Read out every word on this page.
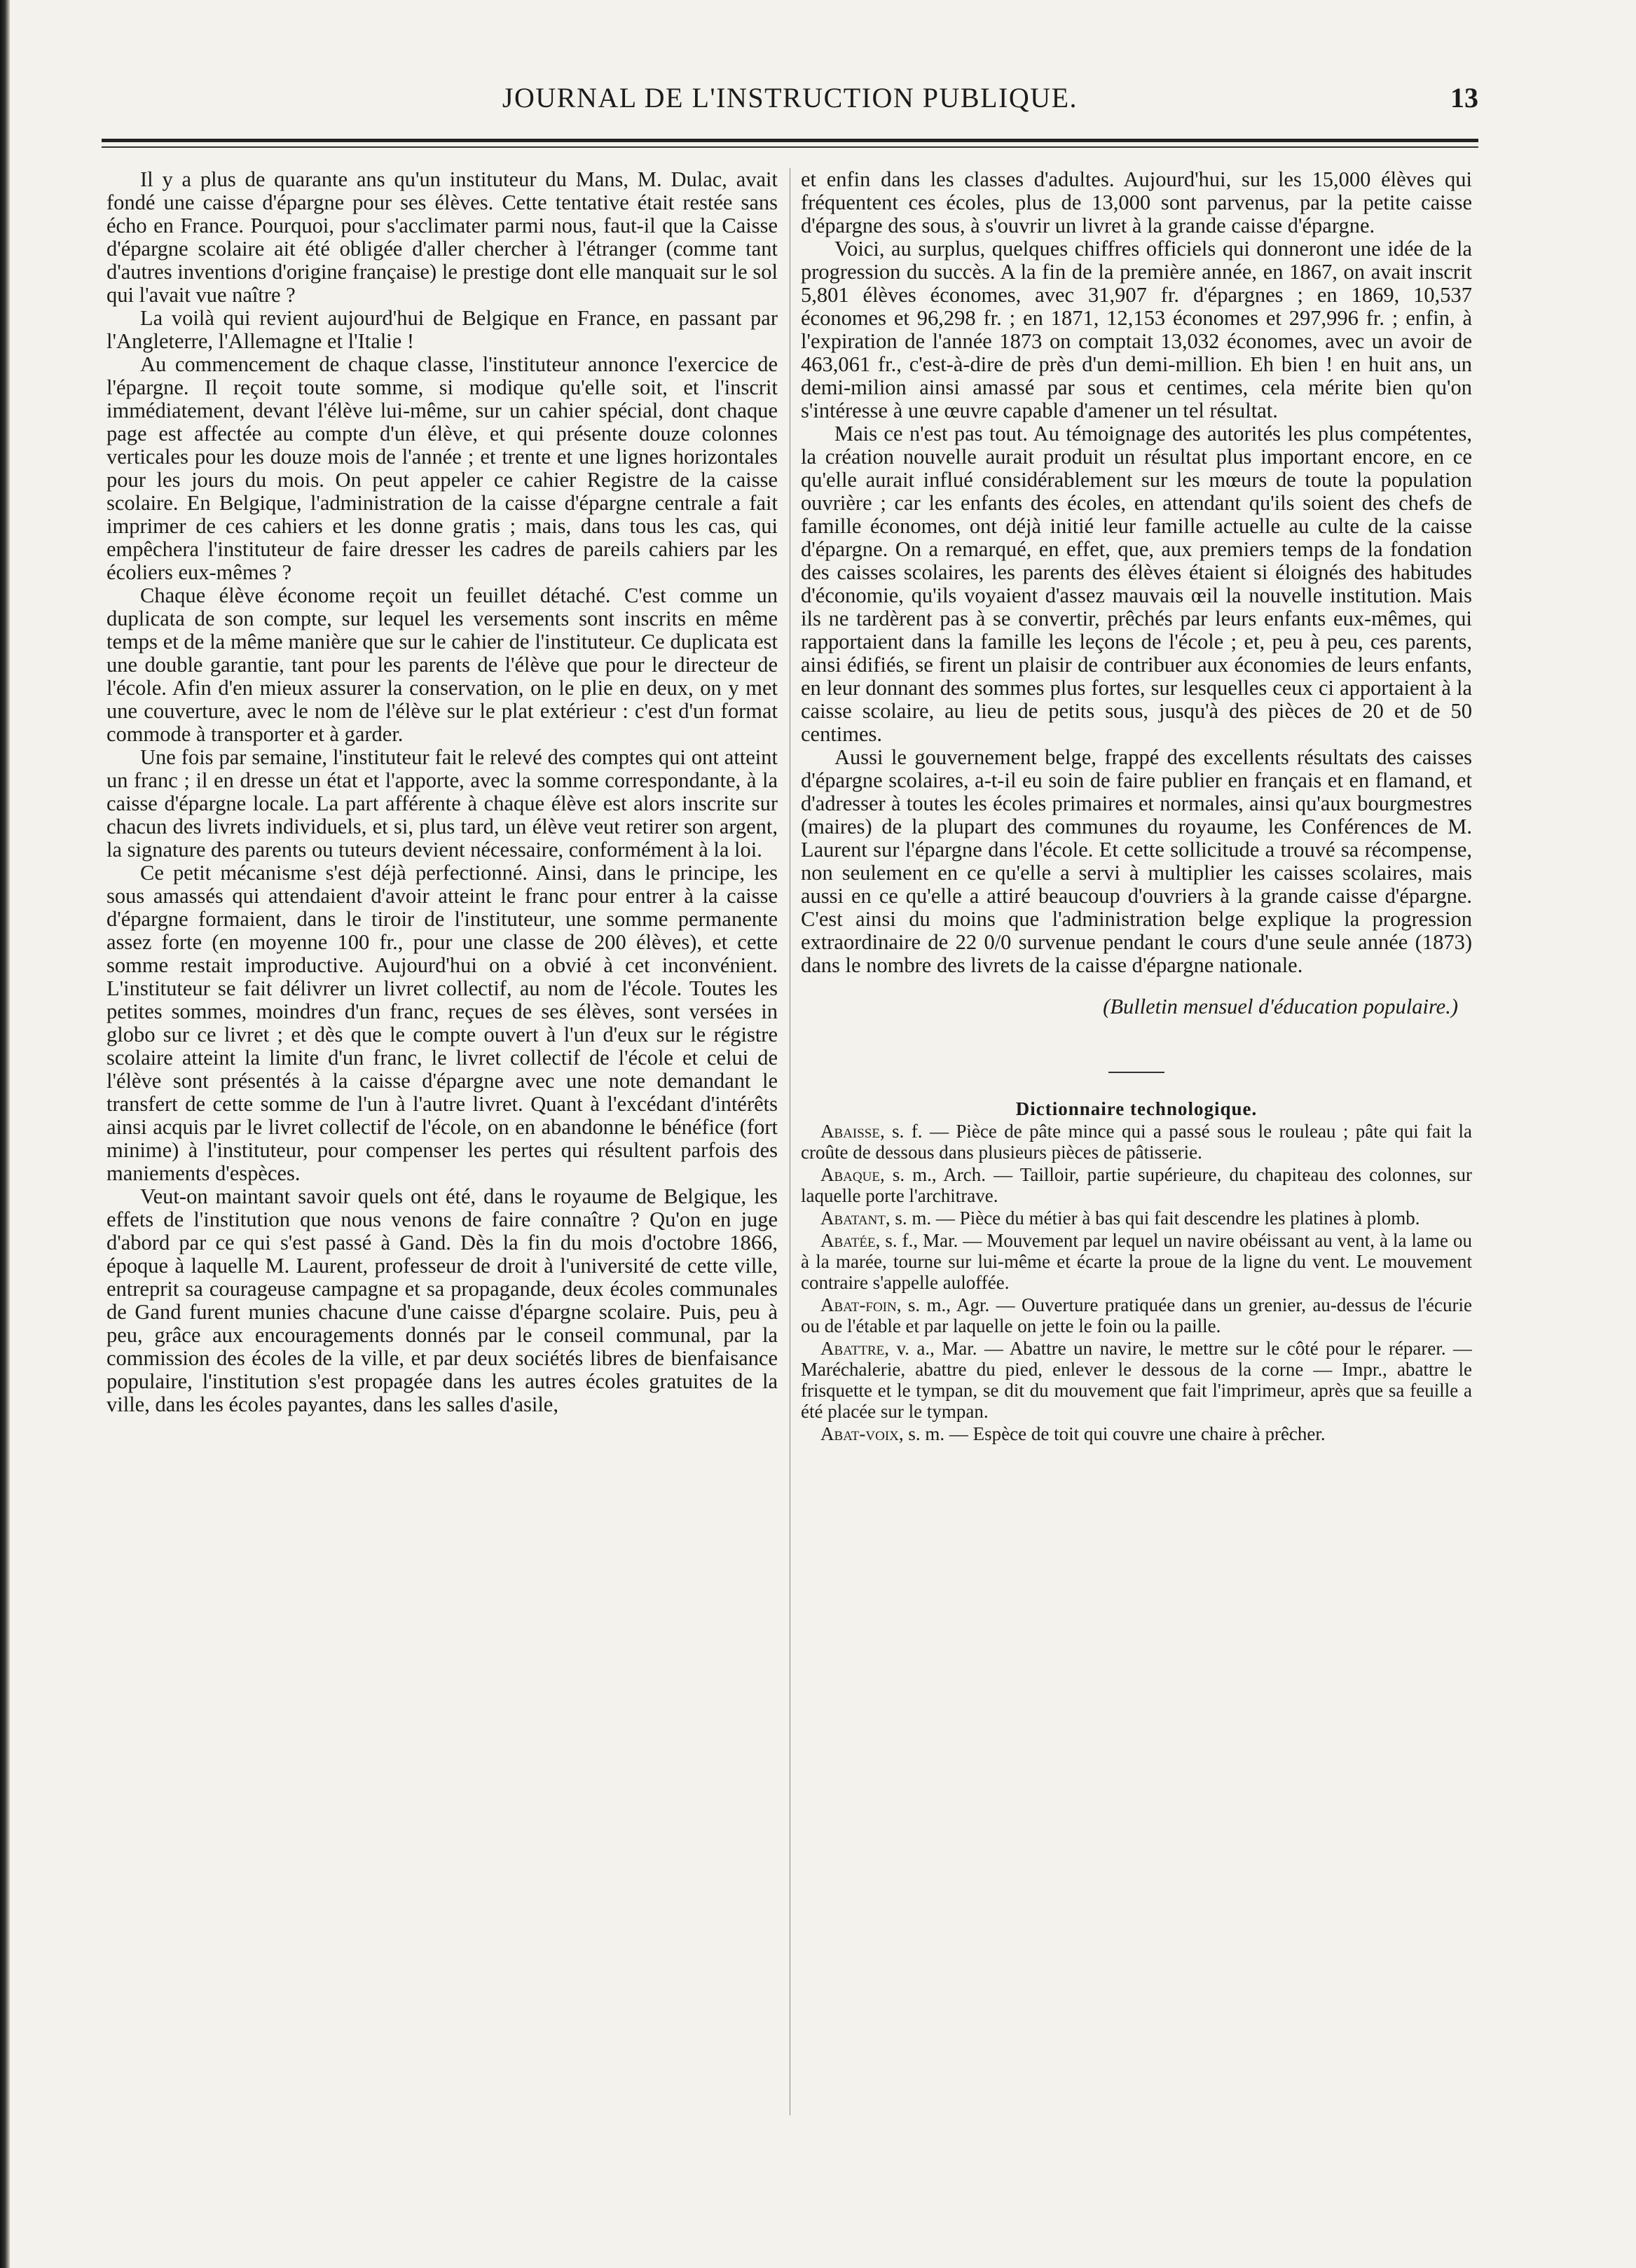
JOURNAL DE L'INSTRUCTION PUBLIQUE.	13

Il y a plus de quarante ans qu'un instituteur du Mans, M. Dulac, avait fondé une caisse d'épargne pour ses élèves. Cette tentative était restée sans écho en France. Pourquoi, pour s'acclimater parmi nous, faut-il que la Caisse d'épargne scolaire ait été obligée d'aller chercher à l'étranger (comme tant d'autres inventions d'origine française) le prestige dont elle manquait sur le sol qui l'avait vue naître ?

La voilà qui revient aujourd'hui de Belgique en France, en passant par l'Angleterre, l'Allemagne et l'Italie !

Au commencement de chaque classe, l'instituteur annonce l'exercice de l'épargne. Il reçoit toute somme, si modique qu'elle soit, et l'inscrit immédiatement, devant l'élève lui-même, sur un cahier spécial, dont chaque page est affectée au compte d'un élève, et qui présente douze colonnes verticales pour les douze mois de l'année ; et trente et une lignes horizontales pour les jours du mois. On peut appeler ce cahier Registre de la caisse scolaire. En Belgique, l'administration de la caisse d'épargne centrale a fait imprimer de ces cahiers et les donne gratis ; mais, dans tous les cas, qui empêchera l'instituteur de faire dresser les cadres de pareils cahiers par les écoliers eux-mêmes ?

Chaque élève économe reçoit un feuillet détaché. C'est comme un duplicata de son compte, sur lequel les versements sont inscrits en même temps et de la même manière que sur le cahier de l'instituteur. Ce duplicata est une double garantie, tant pour les parents de l'élève que pour le directeur de l'école. Afin d'en mieux assurer la conservation, on le plie en deux, on y met une couverture, avec le nom de l'élève sur le plat extérieur : c'est d'un format commode à transporter et à garder.

Une fois par semaine, l'instituteur fait le relevé des comptes qui ont atteint un franc ; il en dresse un état et l'apporte, avec la somme correspondante, à la caisse d'épargne locale. La part afférente à chaque élève est alors inscrite sur chacun des livrets individuels, et si, plus tard, un élève veut retirer son argent, la signature des parents ou tuteurs devient nécessaire, conformément à la loi.

Ce petit mécanisme s'est déjà perfectionné. Ainsi, dans le principe, les sous amassés qui attendaient d'avoir atteint le franc pour entrer à la caisse d'épargne formaient, dans le tiroir de l'instituteur, une somme permanente assez forte (en moyenne 100 fr., pour une classe de 200 élèves), et cette somme restait improductive. Aujourd'hui on a obvié à cet inconvénient. L'instituteur se fait délivrer un livret collectif, au nom de l'école. Toutes les petites sommes, moindres d'un franc, reçues de ses élèves, sont versées in globo sur ce livret ; et dès que le compte ouvert à l'un d'eux sur le régistre scolaire atteint la limite d'un franc, le livret collectif de l'école et celui de l'élève sont présentés à la caisse d'épargne avec une note demandant le transfert de cette somme de l'un à l'autre livret. Quant à l'excédant d'intérêts ainsi acquis par le livret collectif de l'école, on en abandonne le bénéfice (fort minime) à l'instituteur, pour compenser les pertes qui résultent parfois des maniements d'espèces.

Veut-on maintant savoir quels ont été, dans le royaume de Belgique, les effets de l'institution que nous venons de faire connaître ? Qu'on en juge d'abord par ce qui s'est passé à Gand. Dès la fin du mois d'octobre 1866, époque à laquelle M. Laurent, professeur de droit à l'université de cette ville, entreprit sa courageuse campagne et sa propagande, deux écoles communales de Gand furent munies chacune d'une caisse d'épargne scolaire. Puis, peu à peu, grâce aux encouragements donnés par le conseil communal, par la commission des écoles de la ville, et par deux sociétés libres de bienfaisance populaire, l'institution s'est propagée dans les autres écoles gratuites de la ville, dans les écoles payantes, dans les salles d'asile,

et enfin dans les classes d'adultes. Aujourd'hui, sur les 15,000 élèves qui fréquentent ces écoles, plus de 13,000 sont parvenus, par la petite caisse d'épargne des sous, à s'ouvrir un livret à la grande caisse d'épargne.

Voici, au surplus, quelques chiffres officiels qui donneront une idée de la progression du succès. A la fin de la première année, en 1867, on avait inscrit 5,801 élèves économes, avec 31,907 fr. d'épargnes ; en 1869, 10,537 économes et 96,298 fr. ; en 1871, 12,153 économes et 297,996 fr. ; enfin, à l'expiration de l'année 1873 on comptait 13,032 économes, avec un avoir de 463,061 fr., c'est-à-dire de près d'un demi-million. Eh bien ! en huit ans, un demi-milion ainsi amassé par sous et centimes, cela mérite bien qu'on s'intéresse à une œuvre capable d'amener un tel résultat.

Mais ce n'est pas tout. Au témoignage des autorités les plus compétentes, la création nouvelle aurait produit un résultat plus important encore, en ce qu'elle aurait influé considérablement sur les mœurs de toute la population ouvrière ; car les enfants des écoles, en attendant qu'ils soient des chefs de famille économes, ont déjà initié leur famille actuelle au culte de la caisse d'épargne. On a remarqué, en effet, que, aux premiers temps de la fondation des caisses scolaires, les parents des élèves étaient si éloignés des habitudes d'économie, qu'ils voyaient d'assez mauvais œil la nouvelle institution. Mais ils ne tardèrent pas à se convertir, prêchés par leurs enfants eux-mêmes, qui rapportaient dans la famille les leçons de l'école ; et, peu à peu, ces parents, ainsi édifiés, se firent un plaisir de contribuer aux économies de leurs enfants, en leur donnant des sommes plus fortes, sur lesquelles ceux ci apportaient à la caisse scolaire, au lieu de petits sous, jusqu'à des pièces de 20 et de 50 centimes.

Aussi le gouvernement belge, frappé des excellents résultats des caisses d'épargne scolaires, a-t-il eu soin de faire publier en français et en flamand, et d'adresser à toutes les écoles primaires et normales, ainsi qu'aux bourgmestres (maires) de la plupart des communes du royaume, les Conférences de M. Laurent sur l'épargne dans l'école. Et cette sollicitude a trouvé sa récompense, non seulement en ce qu'elle a servi à multiplier les caisses scolaires, mais aussi en ce qu'elle a attiré beaucoup d'ouvriers à la grande caisse d'épargne. C'est ainsi du moins que l'administration belge explique la progression extraordinaire de 22 0/0 survenue pendant le cours d'une seule année (1873) dans le nombre des livrets de la caisse d'épargne nationale.

(Bulletin mensuel d'éducation populaire.)

Dictionnaire technologique.

Abaisse, s. f. — Pièce de pâte mince qui a passé sous le rouleau ; pâte qui fait la croûte de dessous dans plusieurs pièces de pâtisserie.

Abaque, s. m., Arch. — Tailloir, partie supérieure, du chapiteau des colonnes, sur laquelle porte l'architrave.

Abatant, s. m. — Pièce du métier à bas qui fait descendre les platines à plomb.

Abatée, s. f., Mar. — Mouvement par lequel un navire obéissant au vent, à la lame ou à la marée, tourne sur lui-même et écarte la proue de la ligne du vent. Le mouvement contraire s'appelle auloffée.

Abat-foin, s. m., Agr. — Ouverture pratiquée dans un grenier, au-dessus de l'écurie ou de l'étable et par laquelle on jette le foin ou la paille.

Abattre, v. a., Mar. — Abattre un navire, le mettre sur le côté pour le réparer. — Maréchalerie, abattre du pied, enlever le dessous de la corne — Impr., abattre le frisquette et le tympan, se dit du mouvement que fait l'imprimeur, après que sa feuille a été placée sur le tympan.

Abat-voix, s. m. — Espèce de toit qui couvre une chaire à prêcher.
